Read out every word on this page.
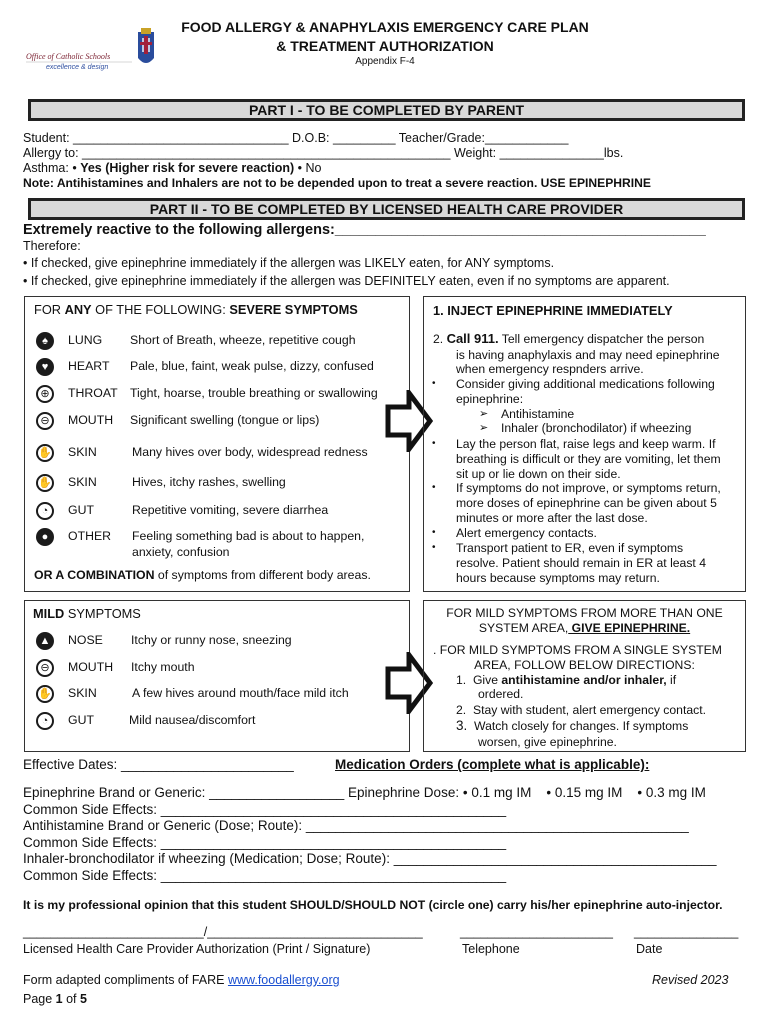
Office of Catholic Schools
excellence & design
FOOD ALLERGY & ANAPHYLAXIS EMERGENCY CARE PLAN
& TREATMENT AUTHORIZATION
Appendix F-4
PART I - TO BE COMPLETED BY PARENT
Student: _______________________________ D.O.B: _________ Teacher/Grade:____________
Allergy to: _____________________________________________________ Weight: _______________lbs.
Asthma: • Yes (Higher risk for severe reaction) • No
Note: Antihistamines and Inhalers are not to be depended upon to treat a severe reaction. USE EPINEPHRINE
PART II - TO BE COMPLETED BY LICENSED HEALTH CARE PROVIDER
Extremely reactive to the following allergens:______________________________________________
Therefore:
• If checked, give epinephrine immediately if the allergen was LIKELY eaten, for ANY symptoms.
• If checked, give epinephrine immediately if the allergen was DEFINITELY eaten, even if no symptoms are apparent.
FOR ANY OF THE FOLLOWING: SEVERE SYMPTOMS
♠	LUNG Short of Breath, wheeze, repetitive cough
♥	HEART Pale, blue, faint, weak pulse, dizzy, confused
⊕	THROAT Tight, hoarse, trouble breathing or swallowing
⊖	MOUTH Significant swelling (tongue or lips)
✋ SKIN	Many hives over body, widespread redness
✋ SKIN	Hives, itchy rashes, swelling
◔	GUT	Repetitive vomiting, severe diarrhea
●	OTHER Feeling something bad is about to happen,
anxiety, confusion
OR A COMBINATION of symptoms from different body areas.
1. INJECT EPINEPHRINE IMMEDIATELY
2. Call 911. Tell emergency dispatcher the person
is having anaphylaxis and may need epinephrine
when emergency respnders arrive.
• Consider giving additional medications following
epinephrine:
• Lay the person flat, raise legs and keep warm. If
breathing is difficult or they are vomiting, let them
sit up or lie down on their side.
• If symptoms do not improve, or symptoms return,
more doses of epinephrine can be given about 5
minutes or more after the last dose.
• Alert emergency contacts.
• Transport patient to ER, even if symptoms
resolve. Patient should remain in ER at least 4
hours because symptoms may return.
➢ Antihistamine
➢ Inhaler (bronchodilator) if wheezing
MILD SYMPTOMS
▲ NOSE Itchy or runny nose, sneezing
⊖	MOUTH Itchy mouth
✋ SKIN	A few hives around mouth/face mild itch
◔	GUT	Mild nausea/discomfort
FOR MILD SYMPTOMS FROM MORE THAN ONE
SYSTEM AREA, GIVE EPINEPHRINE.
. FOR MILD SYMPTOMS FROM A SINGLE SYSTEM
AREA, FOLLOW BELOW DIRECTIONS:
1. Give antihistamine and/or inhaler, if
ordered.
2. Stay with student, alert emergency contact.
3. Watch closely for changes. If symptoms
worsen, give epinephrine.
Effective Dates: _______________________	Medication Orders (complete what is applicable):
Epinephrine Brand or Generic: __________________ Epinephrine Dose: • 0.1 mg IM    • 0.15 mg IM    • 0.3 mg IM
Common Side Effects: ______________________________________________
Antihistamine Brand or Generic (Dose; Route): ___________________________________________________
Common Side Effects: ______________________________________________
Inhaler-bronchodilator if wheezing (Medication; Dose; Route): ___________________________________________
Common Side Effects: ______________________________________________
It is my professional opinion that this student SHOULD/SHOULD NOT (circle one) carry his/her epinephrine auto-injector.
__________________________/_______________________________	______________________ _______________
Licensed Health Care Provider Authorization (Print / Signature)	Telephone	Date
Form adapted compliments of FARE www.foodallergy.org	Revised 2023
Page 1 of 5
